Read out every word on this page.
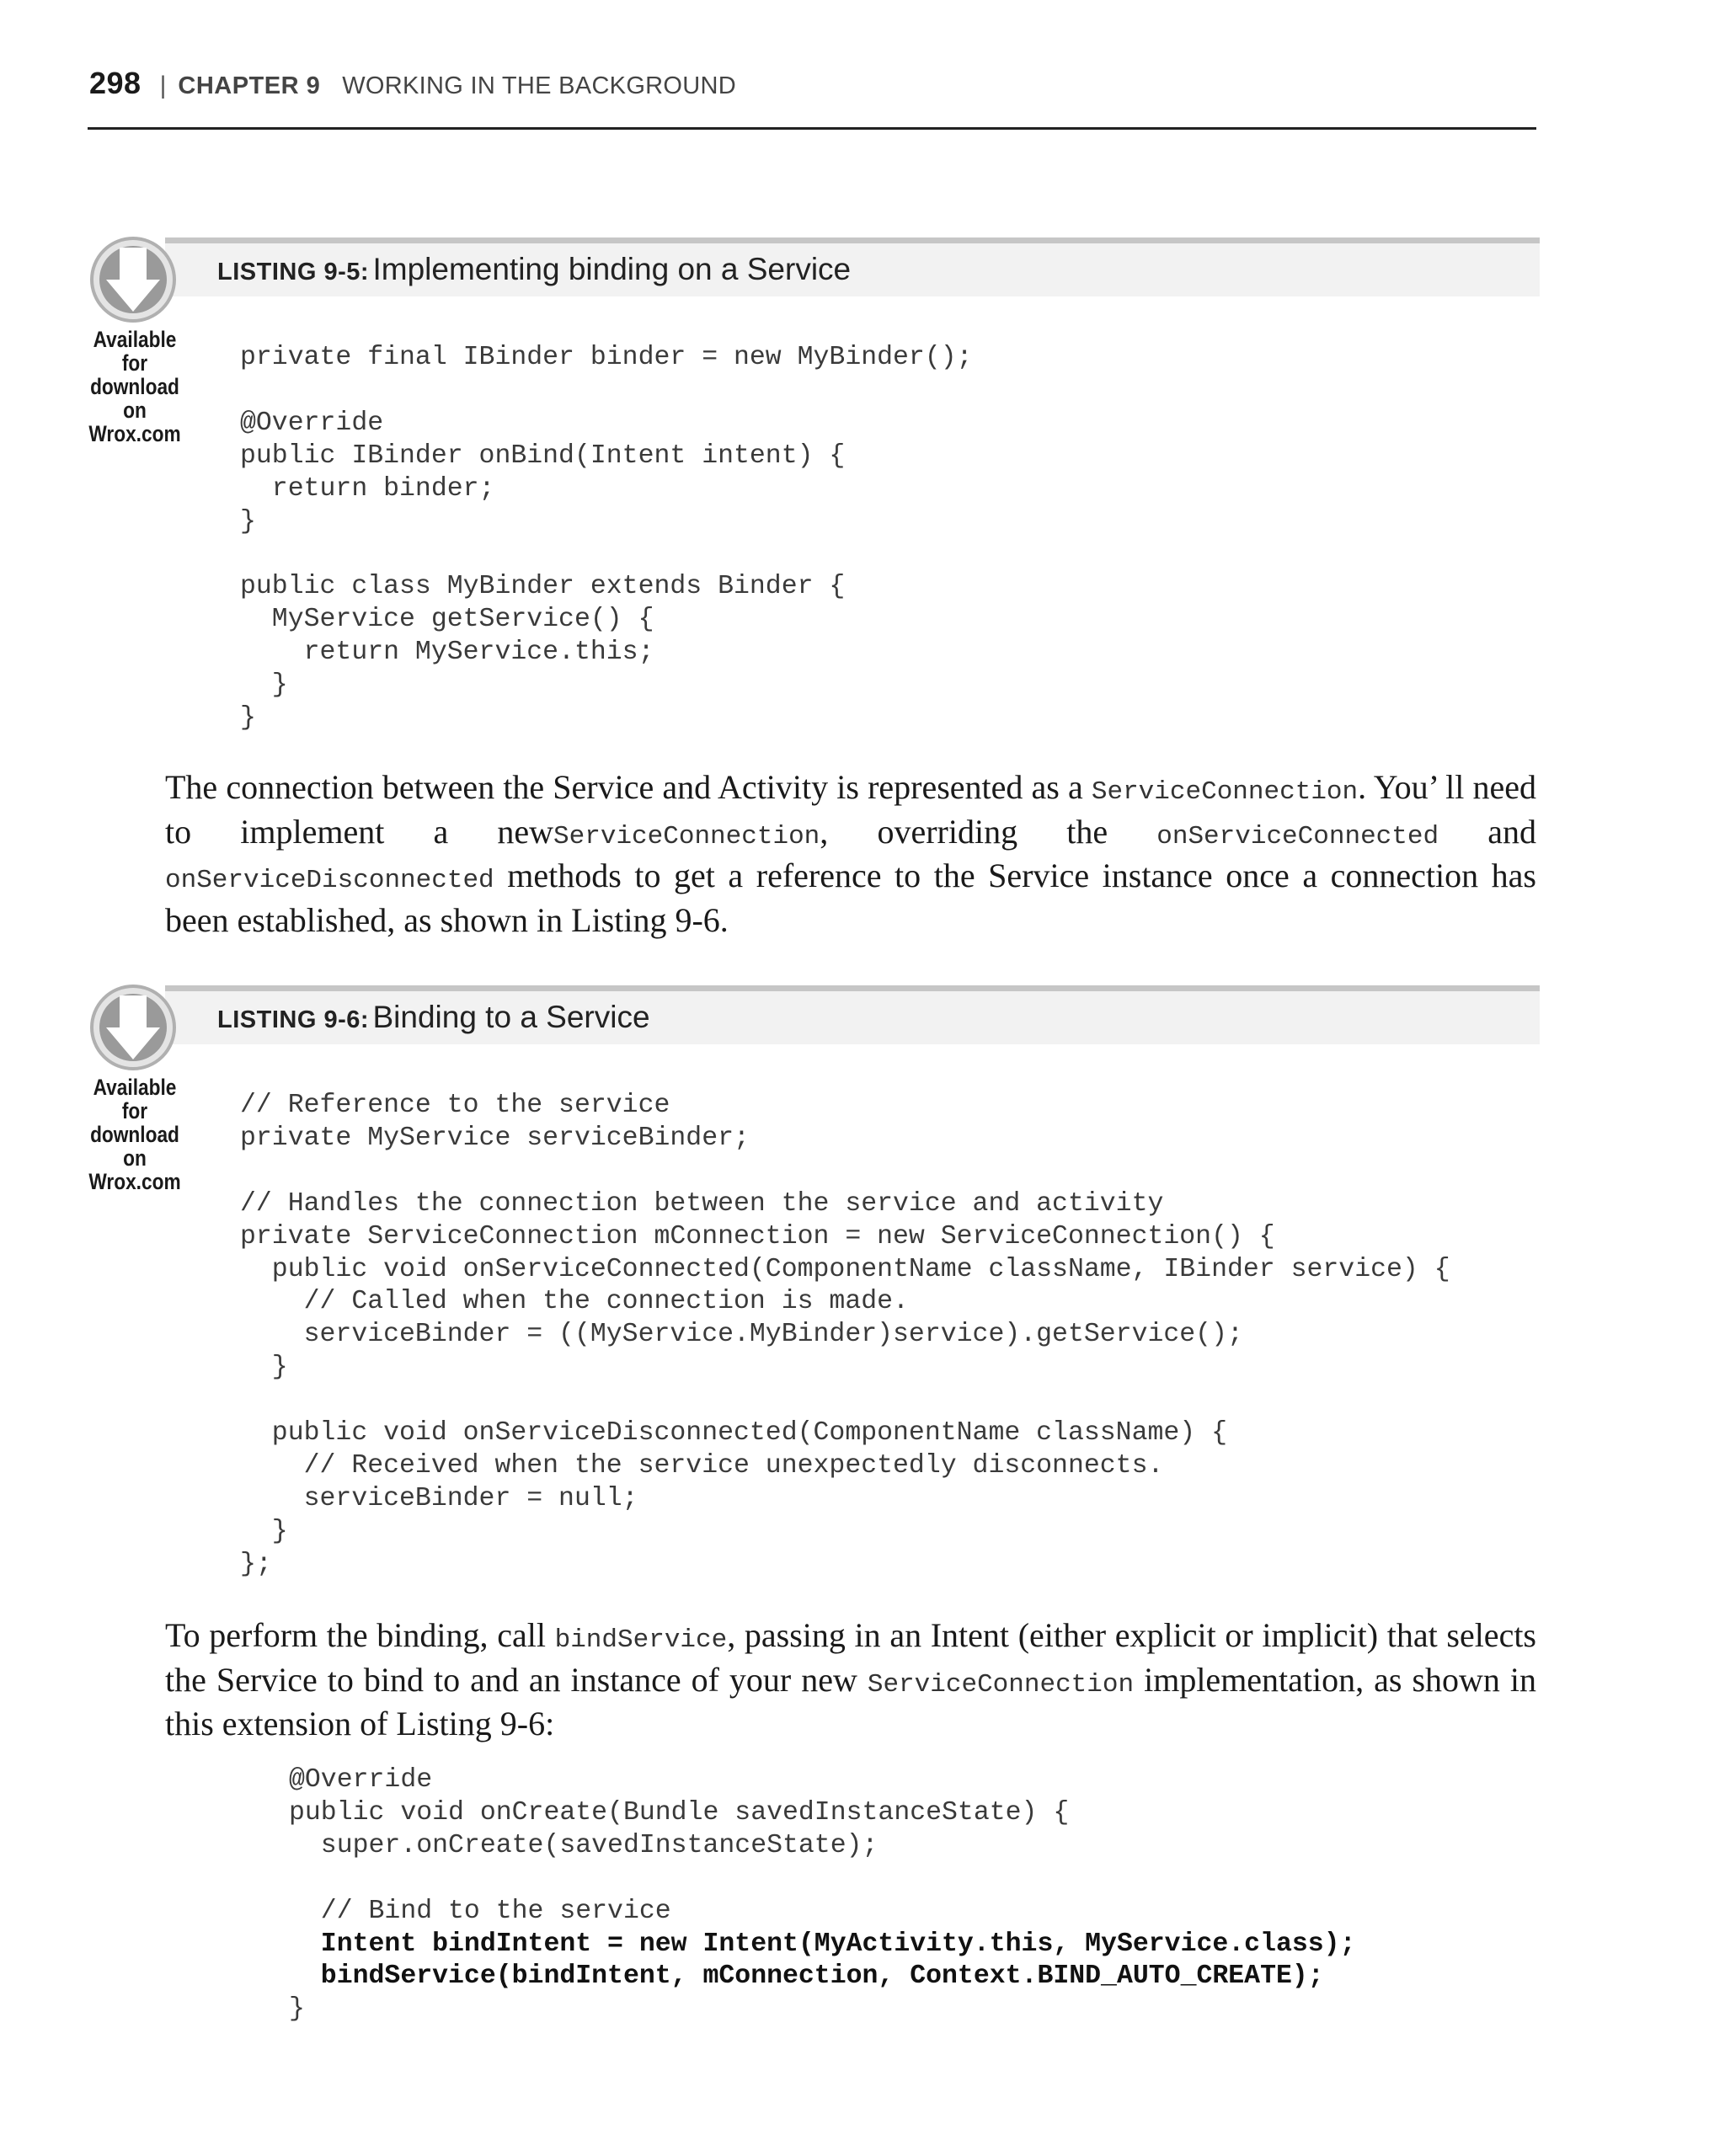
298 | CHAPTER 9 WORKING IN THE BACKGROUND
LISTING 9-5: Implementing binding on a Service
Available for
download on
Wrox.com
private final IBinder binder = new MyBinder();

@Override
public IBinder onBind(Intent intent) {
return binder;
}

public class MyBinder extends Binder {
MyService getService() {
return MyService.this;
}
}

The connection between the Service and Activity is represented as a ServiceConnection. You’ ll need to implement a newServiceConnection, overriding the onServiceConnected and onServiceDisconnected methods to get a reference to the Service instance once a connection has been established, as shown in Listing 9-6.

LISTING 9-6: Binding to a Service
Available for
download on
Wrox.com
// Reference to the service
private MyService serviceBinder;

// Handles the connection between the service and activity
private ServiceConnection mConnection = new ServiceConnection() {
public void onServiceConnected(ComponentName className, IBinder service) {
// Called when the connection is made.
serviceBinder = ((MyService.MyBinder)service).getService();
}

public void onServiceDisconnected(ComponentName className) {
// Received when the service unexpectedly disconnects.
serviceBinder = null;
}
};

To perform the binding, call bindService, passing in an Intent (either explicit or implicit) that selects the Service to bind to and an instance of your new ServiceConnection implementation, as shown in this extension of Listing 9-6:

@Override
public void onCreate(Bundle savedInstanceState) {
super.onCreate(savedInstanceState);

// Bind to the service
Intent bindIntent = new Intent(MyActivity.this, MyService.class);
bindService(bindIntent, mConnection, Context.BIND_AUTO_CREATE);
}
